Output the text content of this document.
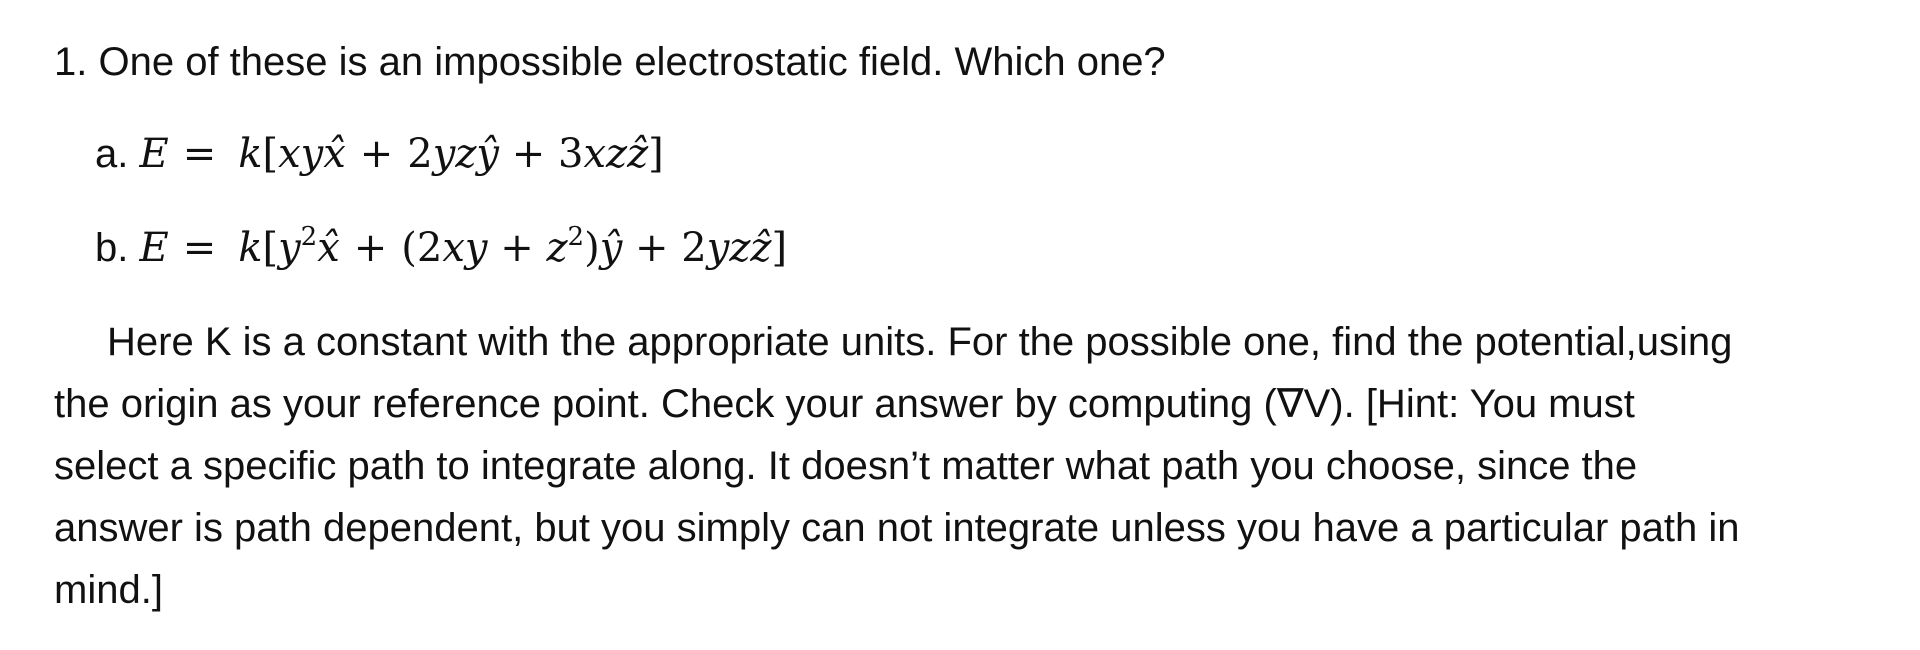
1. One of these is an impossible electrostatic field. Which one?
a. E = k[xyx̂ + 2yzŷ + 3xzẑ]
b. $E = k[y^2x̂ + (2xy$ + $z^2)ŷ$ + 2yzẑ]
Here K is a constant with the appropriate units. For the possible one, find the potential,using
the origin as your reference point. Check your answer by computing (∇V). [Hint: You must
select a specific path to integrate along. It doesn’t matter what path you choose, since the
answer is path dependent, but you simply can not integrate unless you have a particular path in
mind.]
